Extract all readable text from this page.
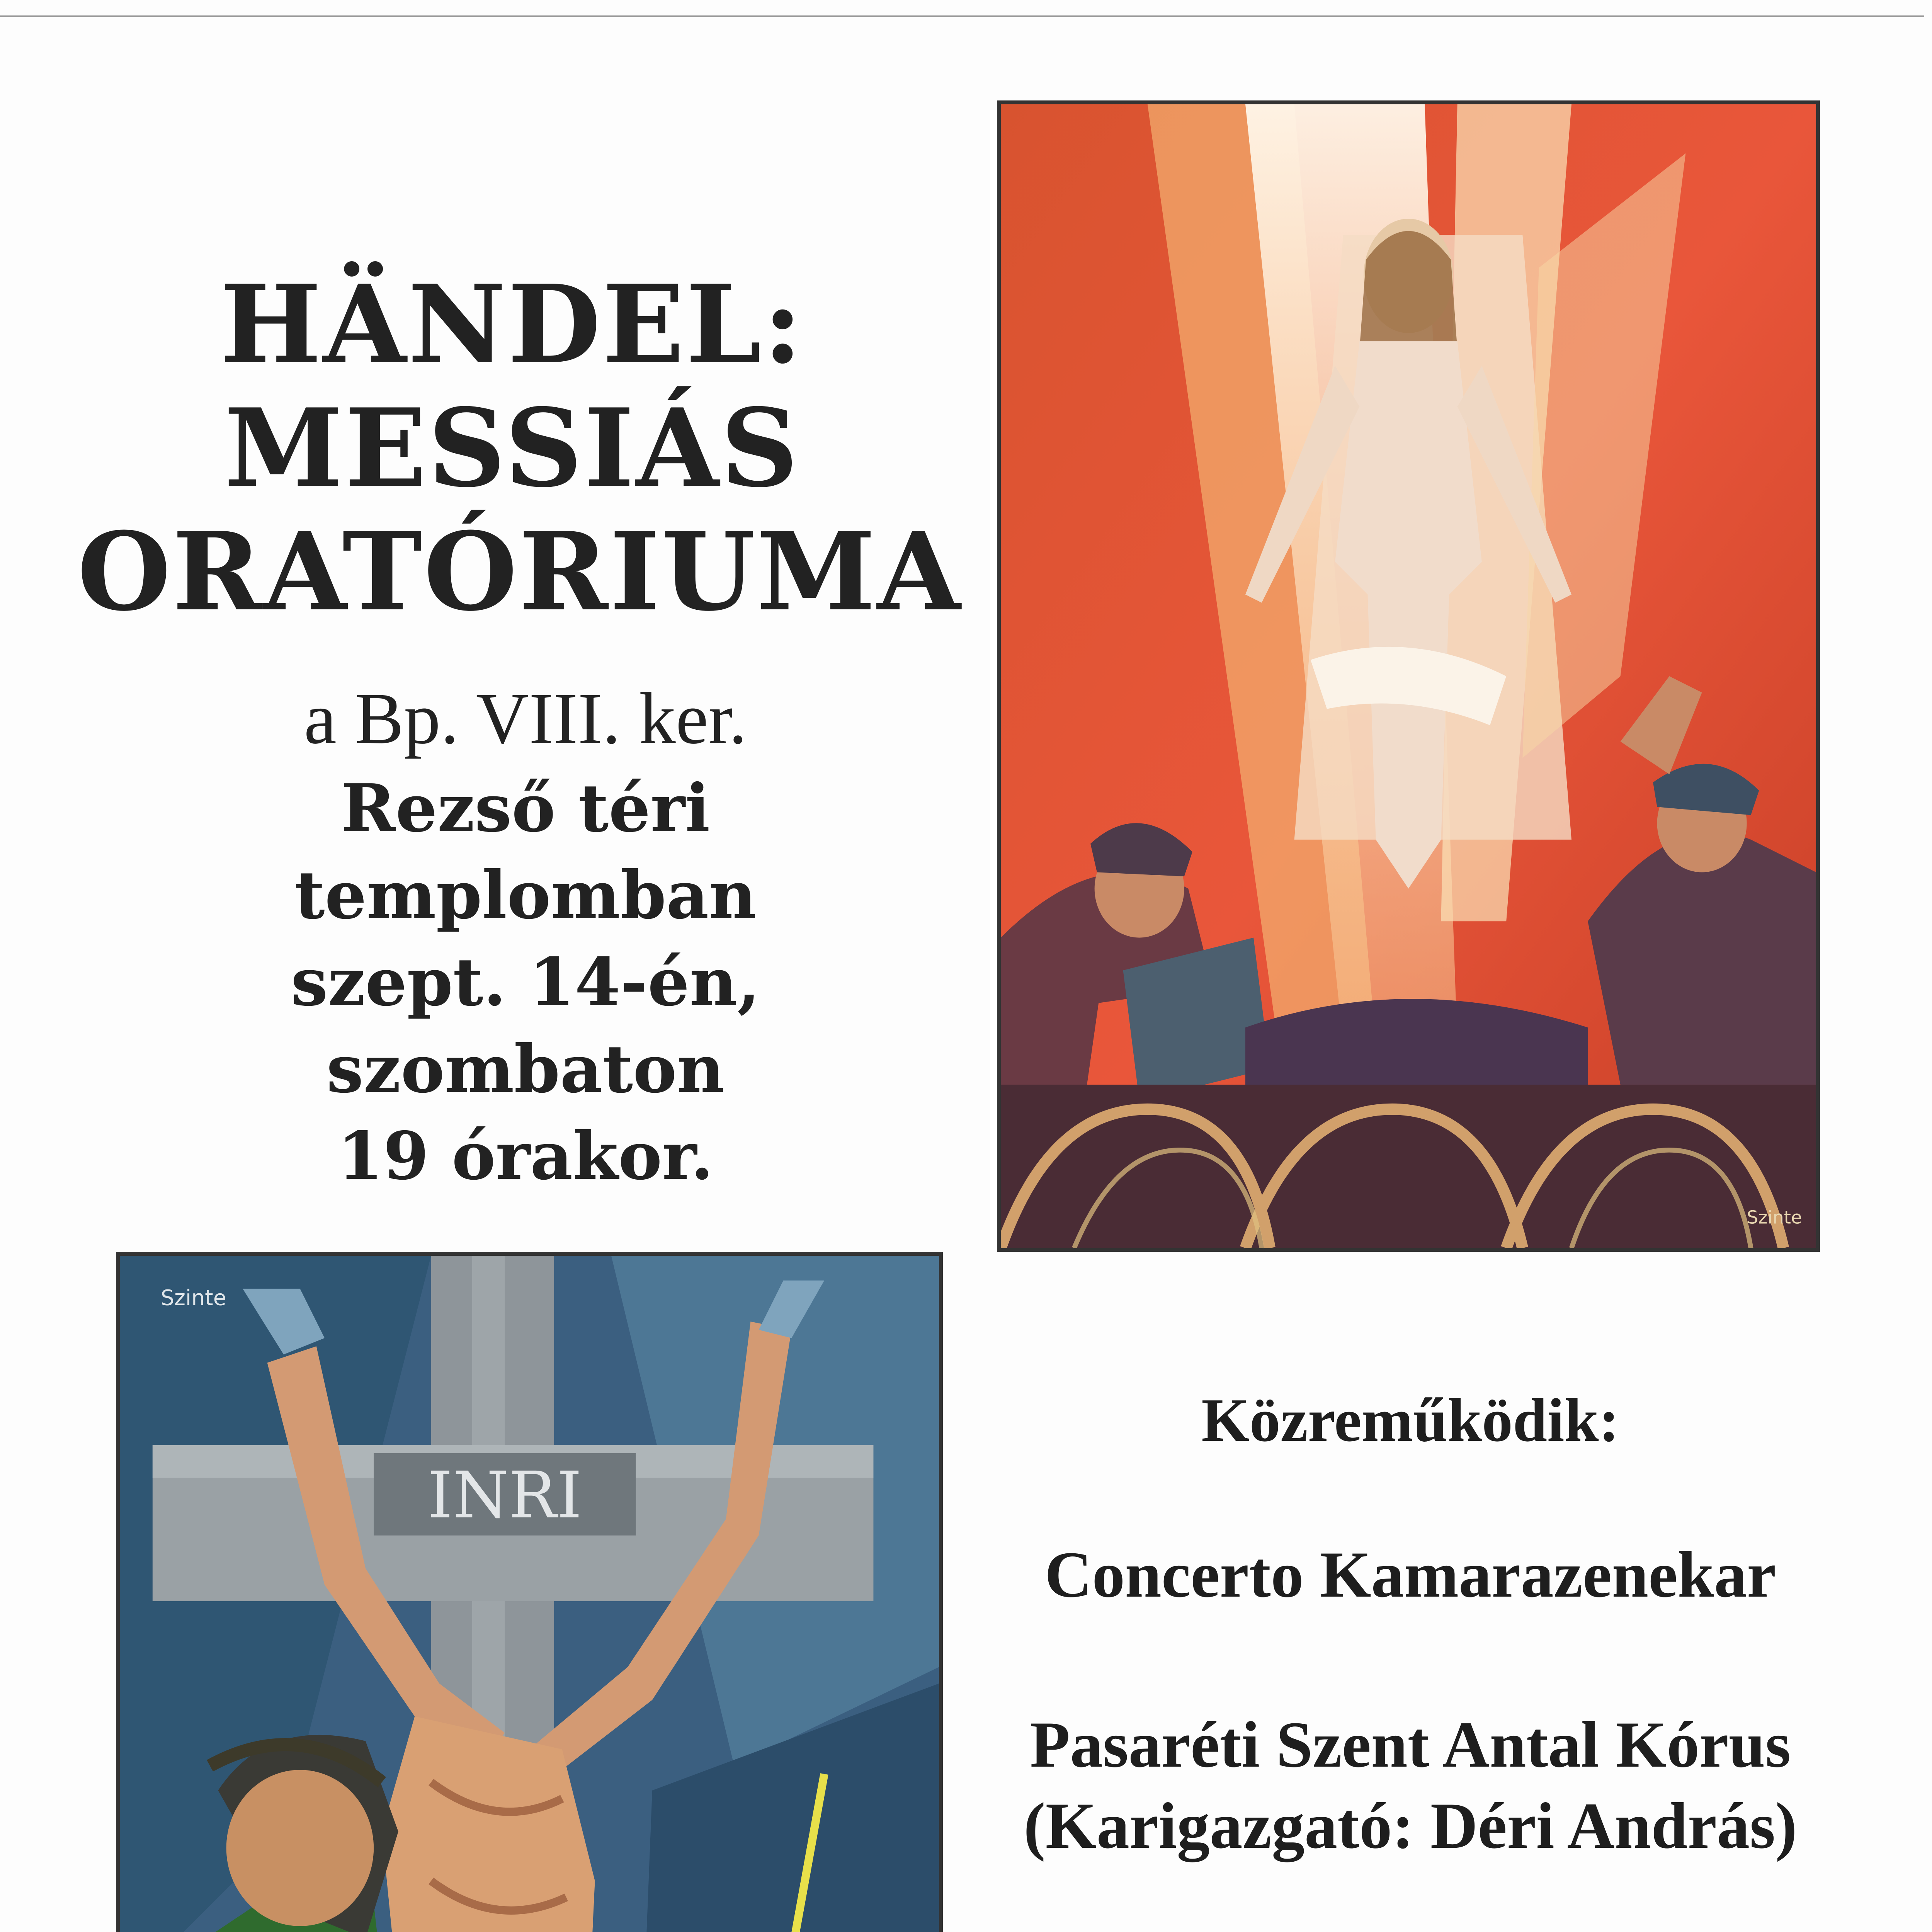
HÄNDEL:
MESSIÁS
ORATÓRIUMA
a Bp. VIII. ker.
Rezső téri
templomban
szept. 14-én,
szombaton
19 órakor.
Szinte
INRI
Szinte
Közreműködik:
Concerto Kamarazenekar
Pasaréti Szent Antal Kórus
(Karigazgató: Déri András)
